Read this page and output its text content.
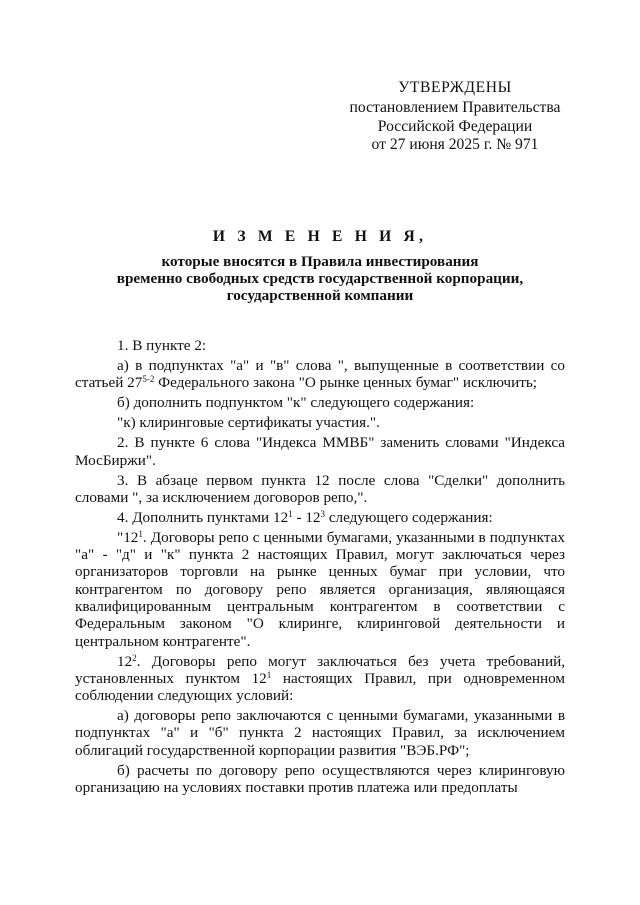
УТВЕРЖДЕНЫ
постановлением Правительства
Российской Федерации
от 27 июня 2025 г. № 971
И З М Е Н Е Н И Я,
которые вносятся в Правила инвестирования
временно свободных средств государственной корпорации,
государственной компании

1. В пункте 2:

а) в подпунктах "а" и "в" слова ", выпущенные в соответствии со статьей 27$^{5-2}$ Федерального закона "О рынке ценных бумаг" исключить;

б) дополнить подпунктом "к" следующего содержания:

"к) клиринговые сертификаты участия.".

2. В пункте 6 слова "Индекса ММВБ" заменить словами "Индекса МосБиржи".

3. В абзаце первом пункта 12 после слова "Сделки" дополнить словами ", за исключением договоров репо,".

4. Дополнить пунктами $12^1 - 12^3$ следующего содержания:

"$12^1$. Договоры репо с ценными бумагами, указанными в подпунктах "а" - "д" и "к" пункта 2 настоящих Правил, могут заключаться через организаторов торговли на рынке ценных бумаг при условии, что контрагентом по договору репо является организация, являющаяся квалифицированным центральным контрагентом в соответствии с Федеральным законом "О клиринге, клиринговой деятельности и центральном контрагенте".

$12^2$. Договоры репо могут заключаться без учета требований, установленных пунктом $12^1$ настоящих Правил, при одновременном соблюдении следующих условий:

а) договоры репо заключаются с ценными бумагами, указанными в подпунктах "а" и "б" пункта 2 настоящих Правил, за исключением облигаций государственной корпорации развития "ВЭБ.РФ";

б) расчеты по договору репо осуществляются через клиринговую организацию на условиях поставки против платежа или предоплаты
